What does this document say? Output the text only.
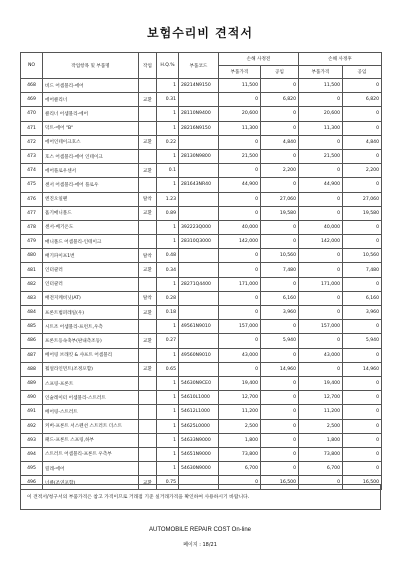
보험수리비 견적서
NO	작업항목 및 부품명	작업	H.Q.%	부품코드	손해 사정전		손해 사정후	
					부품가격	공임	부품가격	공임
468	비드 어셈블리-에어		1	28214N9150	11,500	0	11,500	0
469	에어클리너	교환	0.31		0	6,820	0	6,820
470	클리너 어셈블리-에어		1	28110N9400	20,600	0	20,600	0
471	덕트-에어 "B"		1	28216N9150	11,300	0	11,300	0
472	에어인테이크호스	교환	0.22		0	4,840	0	4,840
473	호스 어셈블리-에어 인테이크		1	28130N9800	21,500	0	21,500	0
474	에어플로우센서	교환	0.1		0	2,200	0	2,200
475	센서 어셈블리-에어 플로우		1	281643NR40	44,900	0	44,900	0
476	엔진오일팬	탈착	1.23		0	27,060	0	27,060
477	흡기매니폴드	교환	0.89		0	19,580	0	19,580
478	센서-베기온도		1	392223Q000	40,000	0	40,000	0
479	매니폴드 어셈블리-인테이크		1	28310Q3000	142,000	0	142,000	0
480	배기파이프1번	탈착	0.48		0	10,560	0	10,560
481	인터쿨러	교환	0.34		0	7,480	0	7,480
482	인터쿨러		1	28271Q4400	171,000	0	171,000	0
483	배전지케비닛(AT)	탈착	0.28		0	6,160	0	6,160
484	프론트범퍼레일(우)	교환	0.18		0	3,960	0	3,960
485	시트조 어셈블리-프런트,우측		1	49561N9010	157,000	0	157,000	0
486	프론트등속축부(판내측조등)	교환	0.27		0	5,940	0	5,940
487	베어링 브래킷 & 샤프트 어셈블리		1	49560N9010	43,000	0	43,000	0
488	휠얼라인먼트(조정포함)	교환	0.65		0	14,960	0	14,960
489	스프링-프론트		1	54630N9CE0	19,400	0	19,400	0
490	인슐레이터 어셈블리-스트러트		1	54610L1000	12,700	0	12,700	0
491	베어링-스트러트		1	54612L1000	11,200	0	11,200	0
492	커버-프론트 서스펜션 스트러트 더스트		1	54625L0000	2,500	0	2,500	0
493	패드-프론트 스프링,하부		1	54633N9000	1,800	0	1,800	0
494	스트러트 어셈블리-프론트 우측부		1	54651N9000	73,800	0	73,800	0
495	릴레-에어		1	54630N9000	6,700	0	6,700	0
496	너클(조연포함)	교환	0.75		0	16,500	0	16,500
이 견적서/청구서의 부품가격은 참고 가격이므로 거래점 기준 실거래가격을 확인하여 사용하시기 바랍니다.
AUTOMOBILE REPAIR COST On-line
페이지 : 18/21
